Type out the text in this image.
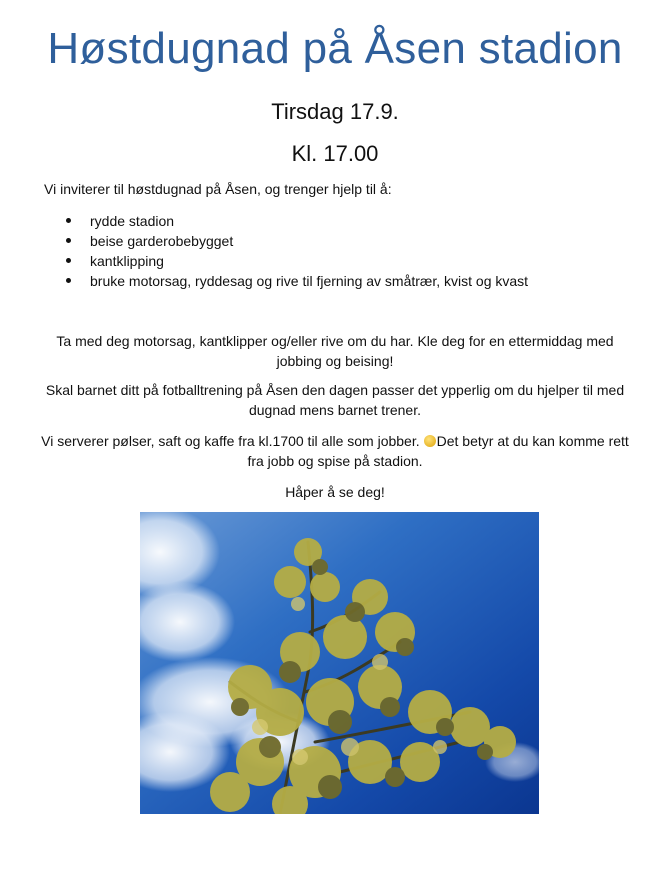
Høstdugnad på Åsen stadion
Tirsdag 17.9.
Kl. 17.00
Vi inviterer til høstdugnad på Åsen, og trenger hjelp til å:
rydde stadion
beise garderobebygget
kantklipping
bruke motorsag, ryddesag og rive til fjerning av småtrær, kvist og kvast
Ta med deg motorsag, kantklipper og/eller rive om du har. Kle deg for en ettermiddag med jobbing og beising!
Skal barnet ditt på fotballtrening på Åsen den dagen passer det ypperlig om du hjelper til med dugnad mens barnet trener.
Vi serverer pølser, saft og kaffe fra kl.1700 til alle som jobber. Det betyr at du kan komme rett fra jobb og spise på stadion.
Håper å se deg!
